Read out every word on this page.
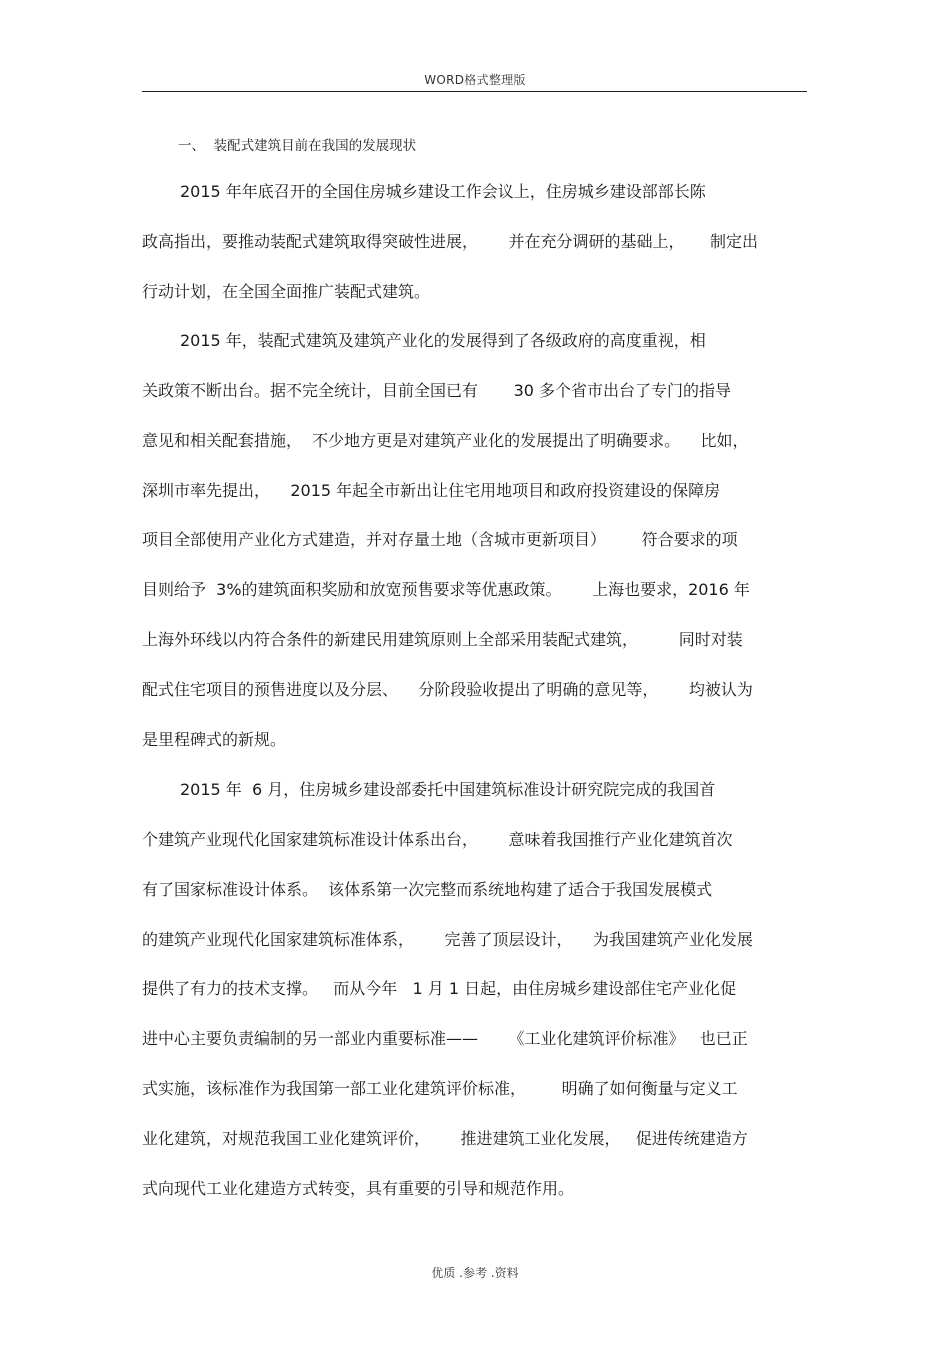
WORD格式整理版
一、  装配式建筑目前在我国的发展现状
2015 年年底召开的全国住房城乡建设工作会议上，住房城乡建设部部长陈
政高指出，要推动装配式建筑取得突破性进展，      并在充分调研的基础上，     制定出
行动计划，在全国全面推广装配式建筑。
2015 年，装配式建筑及建筑产业化的发展得到了各级政府的高度重视，相
关政策不断出台。据不完全统计，目前全国已有       30 多个省市出台了专门的指导
意见和相关配套措施，  不少地方更是对建筑产业化的发展提出了明确要求。    比如，
深圳市率先提出，    2015 年起全市新出让住宅用地项目和政府投资建设的保障房
项目全部使用产业化方式建造，并对存量土地（含城市更新项目）       符合要求的项
目则给予  3%的建筑面积奖励和放宽预售要求等优惠政策。      上海也要求，2016 年
上海外环线以内符合条件的新建民用建筑原则上全部采用装配式建筑，        同时对装
配式住宅项目的预售进度以及分层、    分阶段验收提出了明确的意见等，      均被认为
是里程碑式的新规。
2015 年  6 月，住房城乡建设部委托中国建筑标准设计研究院完成的我国首
个建筑产业现代化国家建筑标准设计体系出台，      意味着我国推行产业化建筑首次
有了国家标准设计体系。  该体系第一次完整而系统地构建了适合于我国发展模式
的建筑产业现代化国家建筑标准体系，      完善了顶层设计，    为我国建筑产业化发展
提供了有力的技术支撑。   而从今年   1 月 1 日起，由住房城乡建设部住宅产业化促
进中心主要负责编制的另一部业内重要标准——      《工业化建筑评价标准》   也已正
式实施，该标准作为我国第一部工业化建筑评价标准，       明确了如何衡量与定义工
业化建筑，对规范我国工业化建筑评价，      推进建筑工业化发展，   促进传统建造方
式向现代工业化建造方式转变，具有重要的引导和规范作用。
优质 .参考 .资料
